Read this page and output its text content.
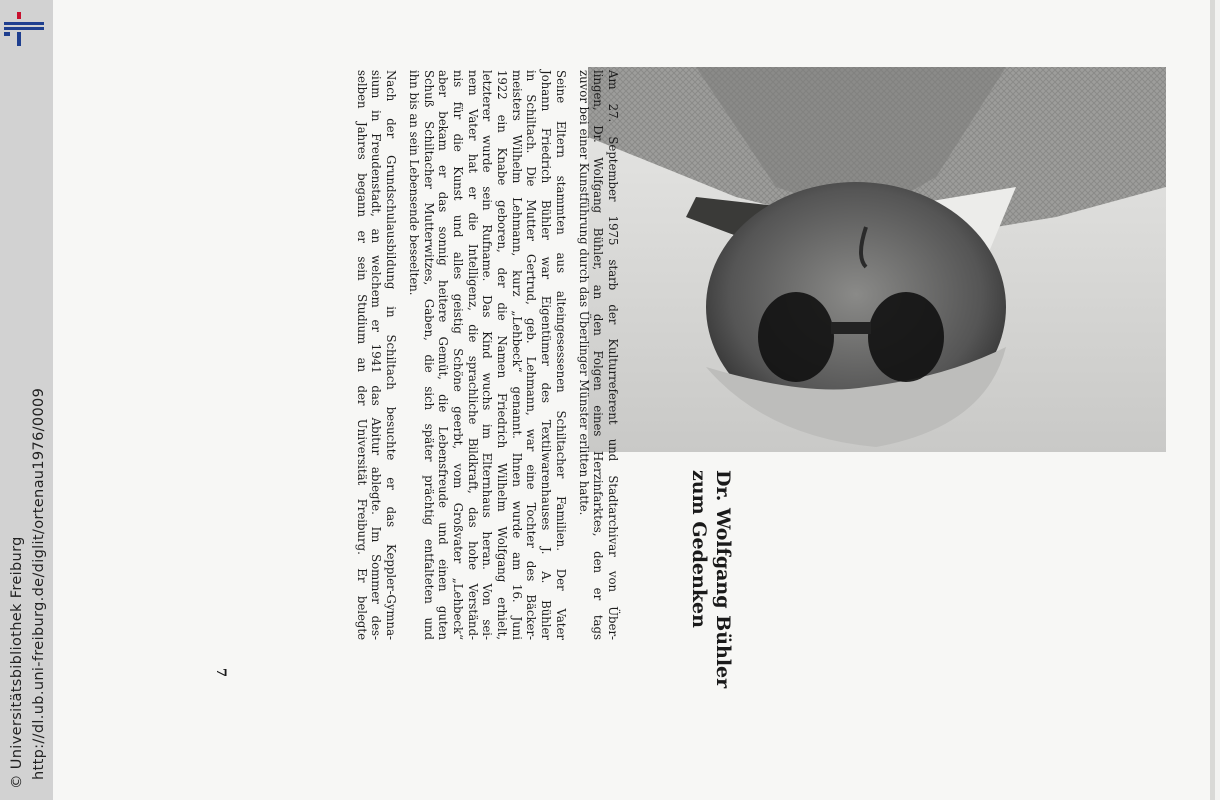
http://dl.ub.uni-freiburg.de/diglit/ortenau1976/0009
© Universitätsbibliothek Freiburg	Dr. Wolfgang Bühler
zum Gedenken
Am 27. September 1975 starb der Kulturreferent und Stadtarchivar von Über-
lingen, Dr. Wolfgang Bühler, an den Folgen eines Herzinfarktes, den er tags
zuvor bei einer Kunstführung durch das Überlinger Münster erlitten hatte.
Seine Eltern stammten aus alteingesessenen Schiltacher Familien. Der Vater
Johann Friedrich Bühler war Eigentümer des Textilwarenhauses J. A. Bühler
in Schiltach. Die Mutter Gertrud, geb. Lehmann, war eine Tochter des Bäcker-
meisters Wilhelm Lehmann, kurz „Lehbeck“ genannt. Ihnen wurde am 16. Juni
1922 ein Knabe geboren, der die Namen Friedrich Wilhelm Wolfgang erhielt,
letzterer wurde sein Rufname. Das Kind wuchs im Elternhaus heran. Von sei-
nem Vater hat er die Intelligenz, die sprachliche Bildkraft, das hohe Verständ-
nis für die Kunst und alles geistig Schöne geerbt, vom Großvater „Lehbeck“
aber bekam er das sonnig heitere Gemüt, die Lebensfreude und einen guten
Schuß Schiltacher Mutterwitzes, Gaben, die sich später prächtig entfalteten und
ihn bis an sein Lebensende beseelten.
Nach der Grundschulausbildung in Schiltach besuchte er das Keppler-Gymna-
sium in Freudenstadt, an welchem er 1941 das Abitur ablegte. Im Sommer des-
selben Jahres begann er sein Studium an der Universität Freiburg. Er belegte
7
